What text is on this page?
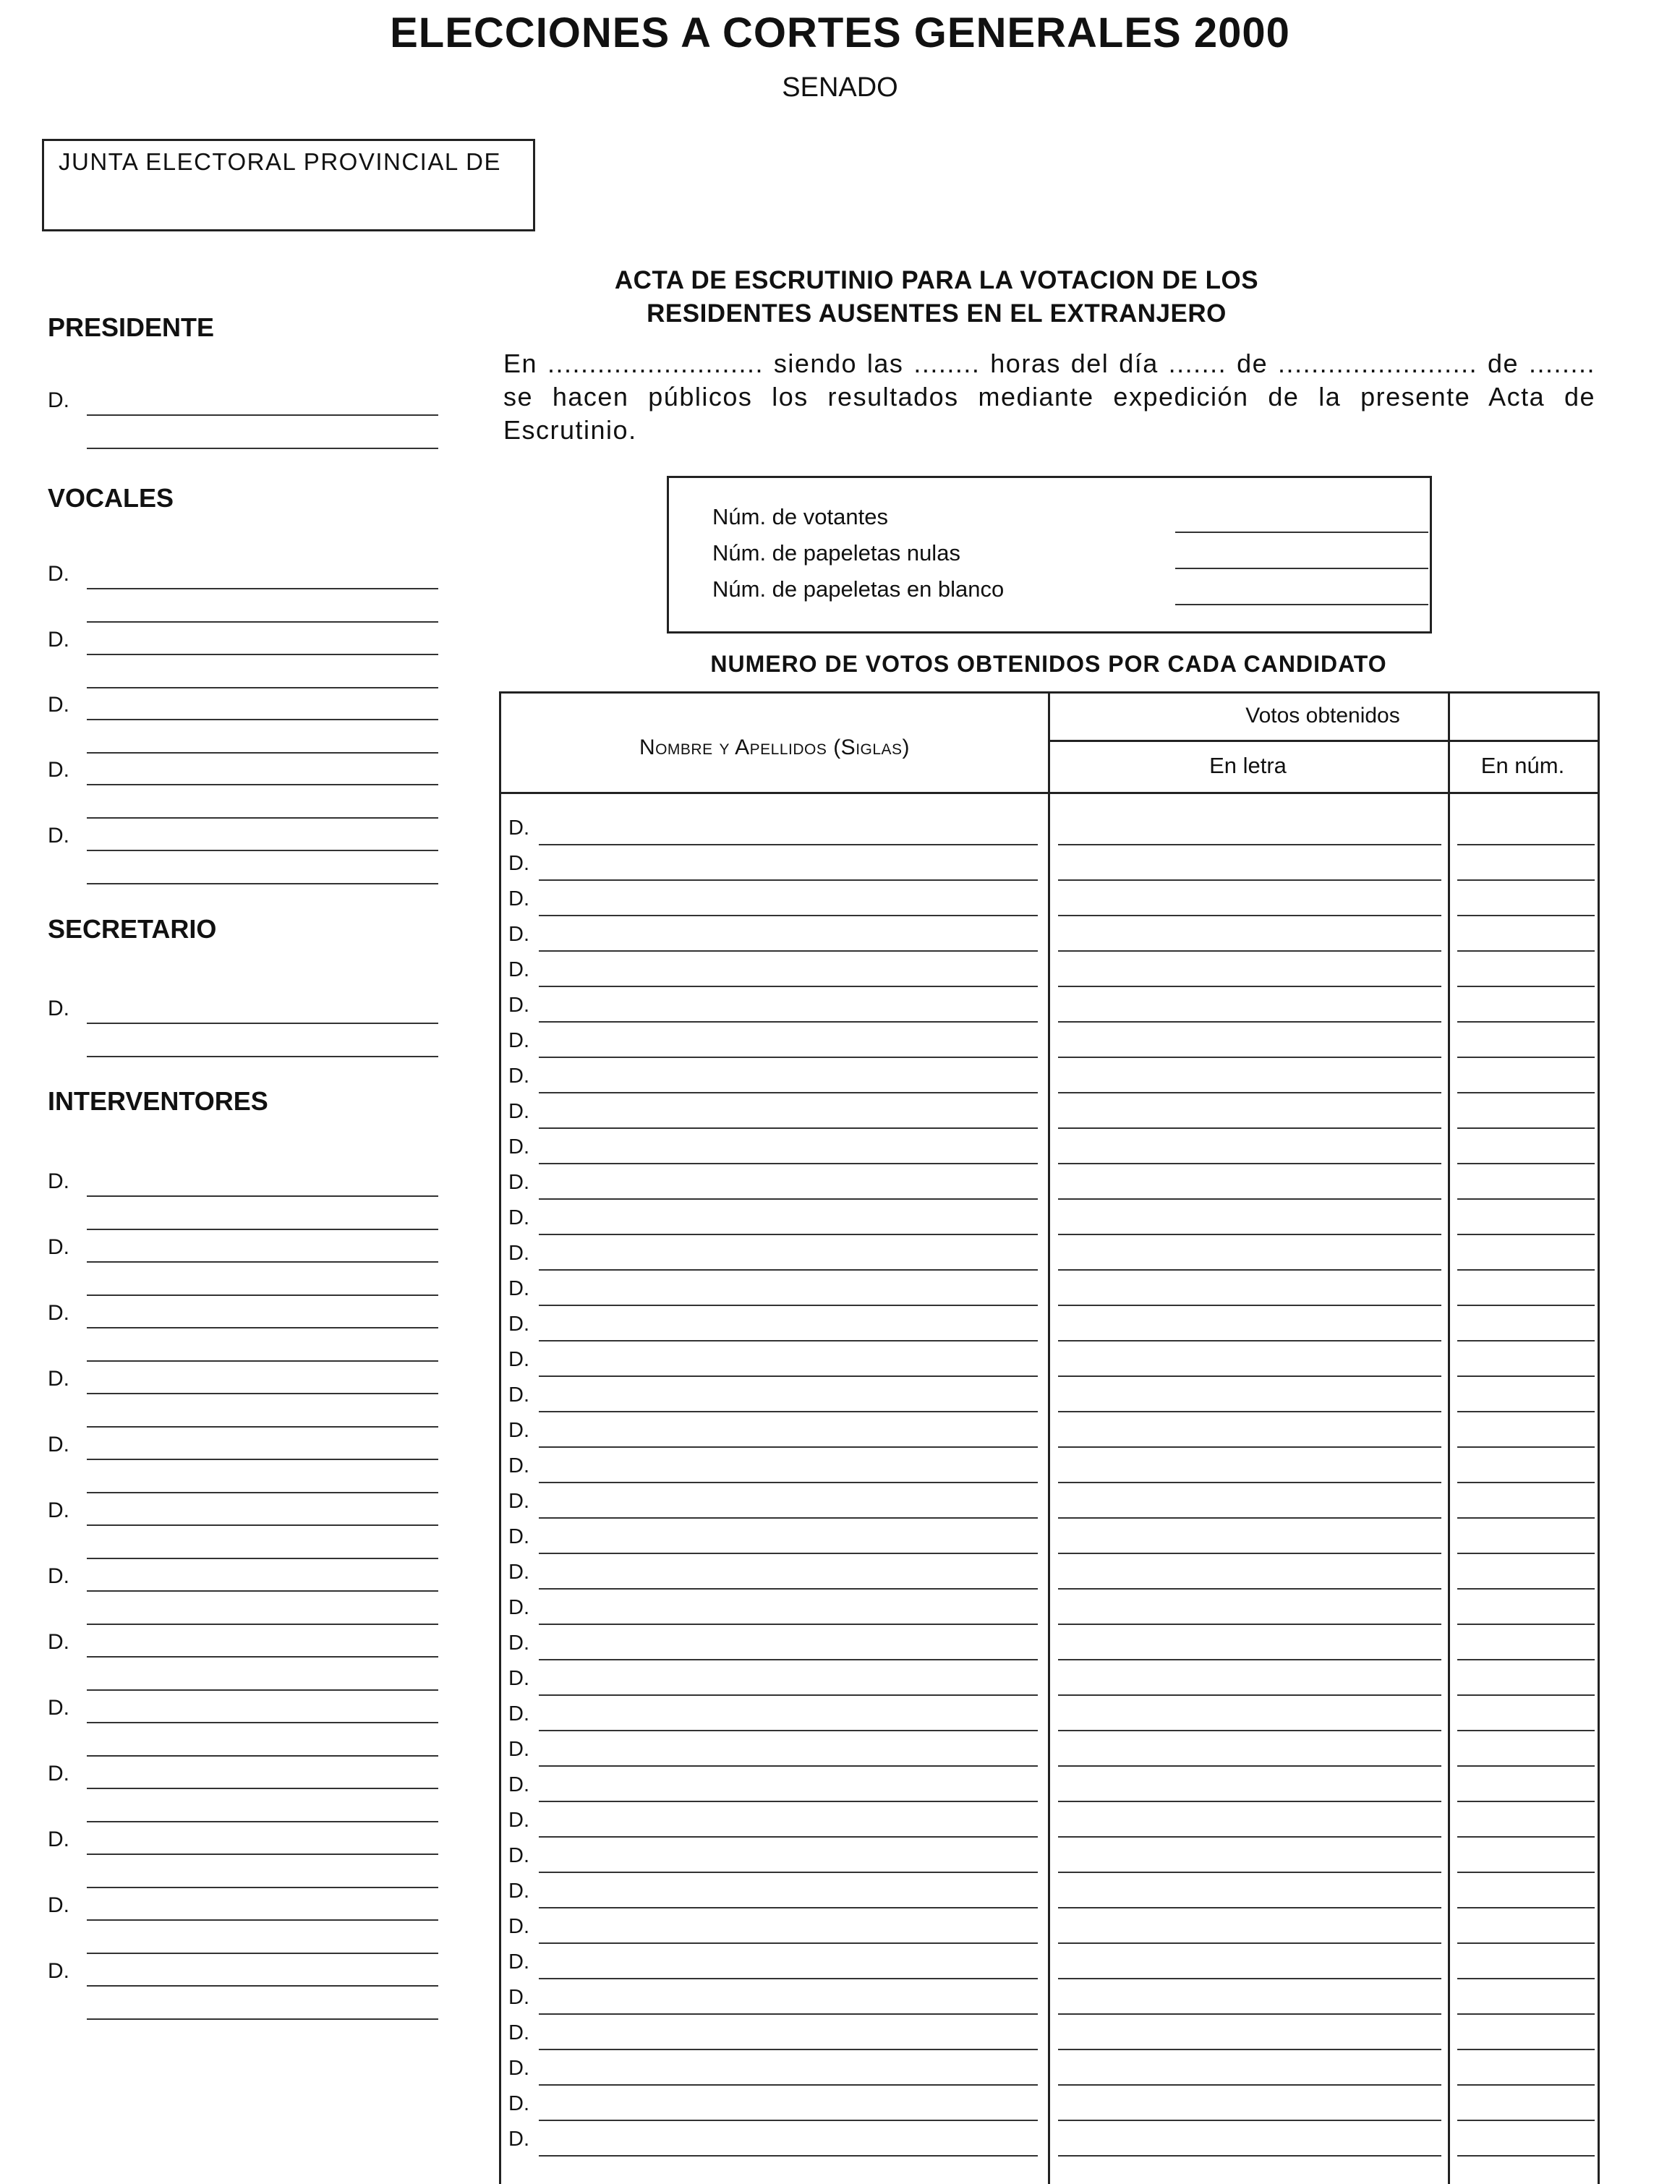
ELECCIONES A CORTES GENERALES 2000
SENADO
JUNTA ELECTORAL PROVINCIAL DE
PRESIDENTE
D.
VOCALES
D.
D.
D.
D.
D.
SECRETARIO
D.
INTERVENTORES
D.
D.
D.
D.
D.
D.
D.
D.
D.
D.
D.
D.
D.
ACTA DE ESCRUTINIO PARA LA VOTACION DE LOS
RESIDENTES AUSENTES EN EL EXTRANJERO
En .......................... siendo las ........ horas del día ....... de ........................ de ........ se hacen públicos los resultados mediante expedición de la presente Acta de Escrutinio.
Núm. de votantes
Núm. de papeletas nulas
Núm. de papeletas en blanco
NUMERO DE VOTOS OBTENIDOS POR CADA CANDIDATO
Nombre y Apellidos (Siglas)
Votos obtenidos
En letra	En núm.
D.
D.
D.
D.
D.
D.
D.
D.
D.
D.
D.
D.
D.
D.
D.
D.
D.
D.
D.
D.
D.
D.
D.
D.
D.
D.
D.
D.
D.
D.
D.
D.
D.
D.
D.
D.
D.
D.
